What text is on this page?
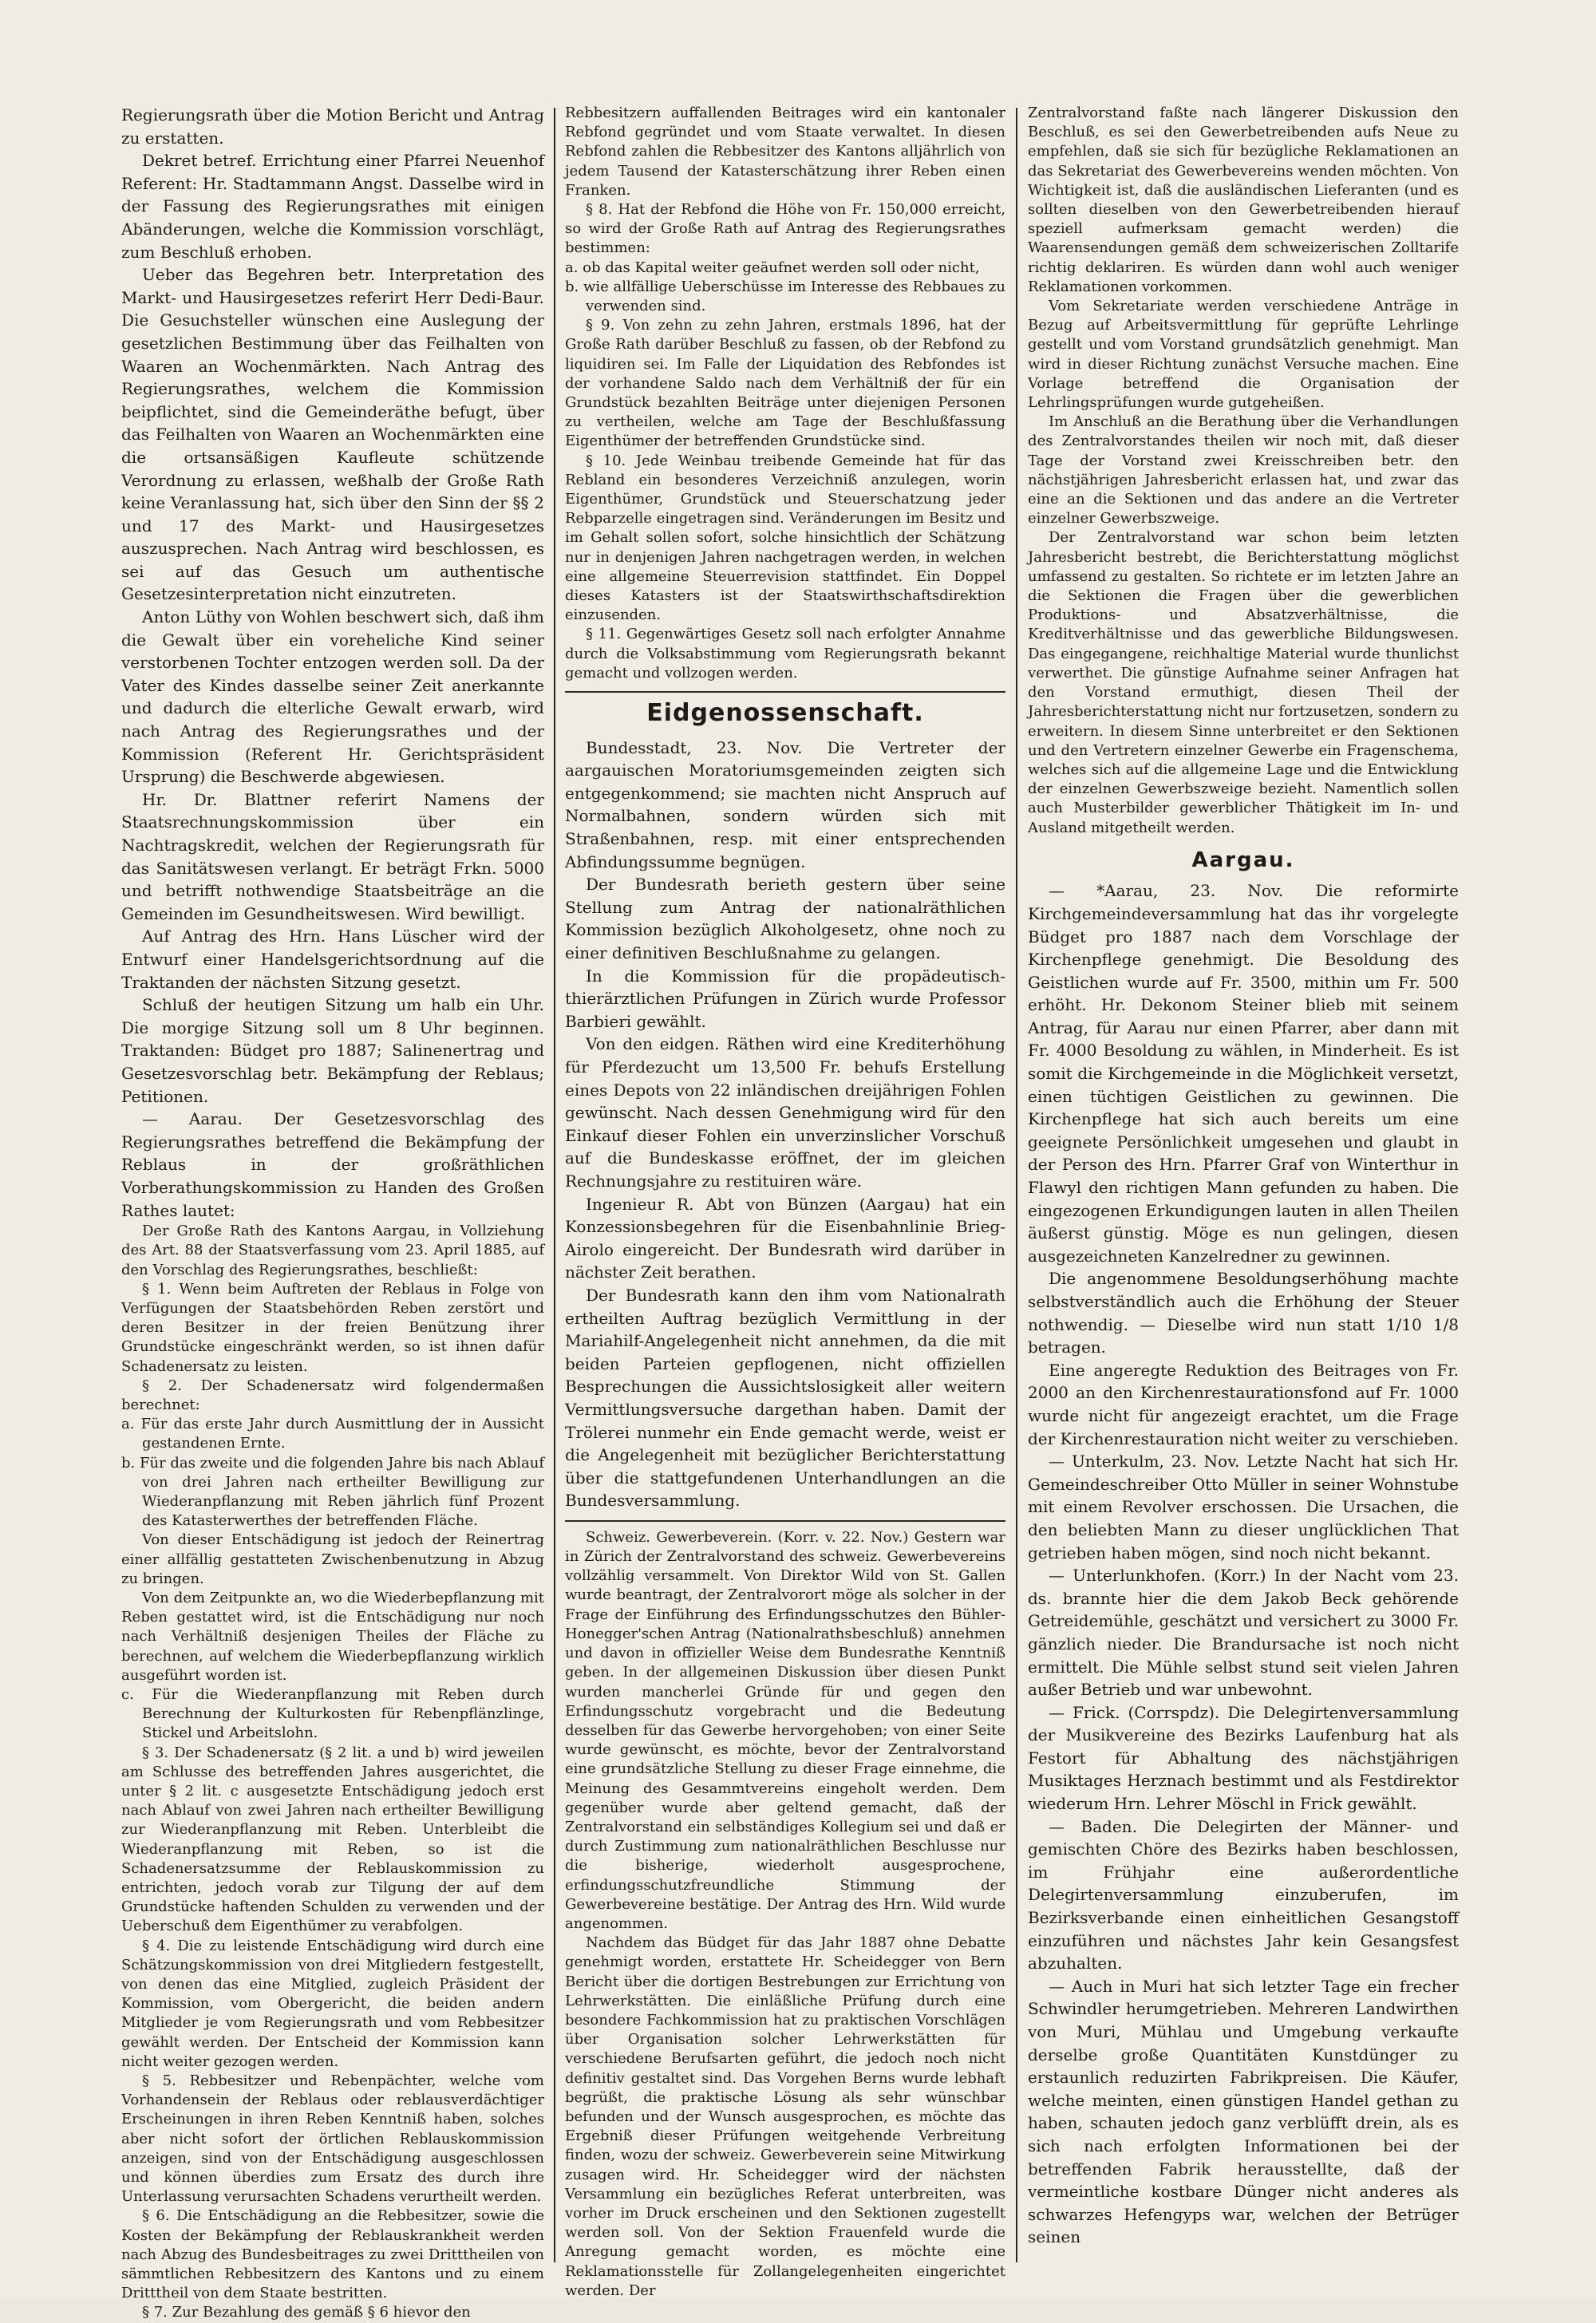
Regierungsrath über die Motion Bericht und Antrag zu erstatten.

Dekret betref. Errichtung einer Pfarrei Neuenhof Referent: Hr. Stadtammann Angst. Dasselbe wird in der Fassung des Regierungsrathes mit einigen Abänderungen, welche die Kommission vorschlägt, zum Beschluß erhoben.

Ueber das Begehren betr. Interpretation des Markt- und Hausirgesetzes referirt Herr Dedi-Baur. Die Gesuchsteller wünschen eine Auslegung der gesetzlichen Bestimmung über das Feilhalten von Waaren an Wochenmärkten. Nach Antrag des Regierungsrathes, welchem die Kommission beipflichtet, sind die Gemeinderäthe befugt, über das Feilhalten von Waaren an Wochenmärkten eine die ortsansäßigen Kaufleute schützende Verordnung zu erlassen, weßhalb der Große Rath keine Veranlassung hat, sich über den Sinn der §§ 2 und 17 des Markt- und Hausirgesetzes auszusprechen. Nach Antrag wird beschlossen, es sei auf das Gesuch um authentische Gesetzesinterpretation nicht einzutreten.

Anton Lüthy von Wohlen beschwert sich, daß ihm die Gewalt über ein voreheliche Kind seiner verstorbenen Tochter entzogen werden soll. Da der Vater des Kindes dasselbe seiner Zeit anerkannte und dadurch die elterliche Gewalt erwarb, wird nach Antrag des Regierungsrathes und der Kommission (Referent Hr. Gerichtspräsident Ursprung) die Beschwerde abgewiesen.

Hr. Dr. Blattner referirt Namens der Staatsrechnungskommission über ein Nachtragskredit, welchen der Regierungsrath für das Sanitätswesen verlangt. Er beträgt Frkn. 5000 und betrifft nothwendige Staatsbeiträge an die Gemeinden im Gesundheitswesen. Wird bewilligt.

Auf Antrag des Hrn. Hans Lüscher wird der Entwurf einer Handelsgerichtsordnung auf die Traktanden der nächsten Sitzung gesetzt.

Schluß der heutigen Sitzung um halb ein Uhr. Die morgige Sitzung soll um 8 Uhr beginnen. Traktanden: Büdget pro 1887; Salinenertrag und Gesetzesvorschlag betr. Bekämpfung der Reblaus; Petitionen.

— Aarau. Der Gesetzesvorschlag des Regierungsrathes betreffend die Bekämpfung der Reblaus in der großräthlichen Vorberathungskommission zu Handen des Großen Rathes lautet:

Der Große Rath des Kantons Aargau, in Vollziehung des Art. 88 der Staatsverfassung vom 23. April 1885, auf den Vorschlag des Regierungsrathes, beschließt:

§ 1. Wenn beim Auftreten der Reblaus in Folge von Verfügungen der Staatsbehörden Reben zerstört und deren Besitzer in der freien Benützung ihrer Grundstücke eingeschränkt werden, so ist ihnen dafür Schadenersatz zu leisten.

§ 2. Der Schadenersatz wird folgendermaßen berechnet:

a. Für das erste Jahr durch Ausmittlung der in Aussicht gestandenen Ernte.

b. Für das zweite und die folgenden Jahre bis nach Ablauf von drei Jahren nach ertheilter Bewilligung zur Wiederanpflanzung mit Reben jährlich fünf Prozent des Katasterwerthes der betreffenden Fläche.

Von dieser Entschädigung ist jedoch der Reinertrag einer allfällig gestatteten Zwischenbenutzung in Abzug zu bringen.

Von dem Zeitpunkte an, wo die Wiederbepflanzung mit Reben gestattet wird, ist die Entschädigung nur noch nach Verhältniß desjenigen Theiles der Fläche zu berechnen, auf welchem die Wiederbepflanzung wirklich ausgeführt worden ist.

c. Für die Wiederanpflanzung mit Reben durch Berechnung der Kulturkosten für Rebenpflänzlinge, Stickel und Arbeitslohn.

§ 3. Der Schadenersatz (§ 2 lit. a und b) wird jeweilen am Schlusse des betreffenden Jahres ausgerichtet, die unter § 2 lit. c ausgesetzte Entschädigung jedoch erst nach Ablauf von zwei Jahren nach ertheilter Bewilligung zur Wiederanpflanzung mit Reben. Unterbleibt die Wiederanpflanzung mit Reben, so ist die Schadenersatzsumme der Reblauskommission zu entrichten, jedoch vorab zur Tilgung der auf dem Grundstücke haftenden Schulden zu verwenden und der Ueberschuß dem Eigenthümer zu verabfolgen.

§ 4. Die zu leistende Entschädigung wird durch eine Schätzungskommission von drei Mitgliedern festgestellt, von denen das eine Mitglied, zugleich Präsident der Kommission, vom Obergericht, die beiden andern Mitglieder je vom Regierungsrath und vom Rebbesitzer gewählt werden. Der Entscheid der Kommission kann nicht weiter gezogen werden.

§ 5. Rebbesitzer und Rebenpächter, welche vom Vorhandensein der Reblaus oder reblausverdächtiger Erscheinungen in ihren Reben Kenntniß haben, solches aber nicht sofort der örtlichen Reblauskommission anzeigen, sind von der Entschädigung ausgeschlossen und können überdies zum Ersatz des durch ihre Unterlassung verursachten Schadens verurtheilt werden.

§ 6. Die Entschädigung an die Rebbesitzer, sowie die Kosten der Bekämpfung der Reblauskrankheit werden nach Abzug des Bundesbeitrages zu zwei Dritttheilen von sämmtlichen Rebbesitzern des Kantons und zu einem Dritttheil von dem Staate bestritten.

§ 7. Zur Bezahlung des gemäß § 6 hievor den

Rebbesitzern auffallenden Beitrages wird ein kantonaler Rebfond gegründet und vom Staate verwaltet. In diesen Rebfond zahlen die Rebbesitzer des Kantons alljährlich von jedem Tausend der Katasterschätzung ihrer Reben einen Franken.

§ 8. Hat der Rebfond die Höhe von Fr. 150,000 erreicht, so wird der Große Rath auf Antrag des Regierungsrathes bestimmen:

a. ob das Kapital weiter geäufnet werden soll oder nicht,

b. wie allfällige Ueberschüsse im Interesse des Rebbaues zu verwenden sind.

§ 9. Von zehn zu zehn Jahren, erstmals 1896, hat der Große Rath darüber Beschluß zu fassen, ob der Rebfond zu liquidiren sei. Im Falle der Liquidation des Rebfondes ist der vorhandene Saldo nach dem Verhältniß der für ein Grundstück bezahlten Beiträge unter diejenigen Personen zu vertheilen, welche am Tage der Beschlußfassung Eigenthümer der betreffenden Grundstücke sind.

§ 10. Jede Weinbau treibende Gemeinde hat für das Rebland ein besonderes Verzeichniß anzulegen, worin Eigenthümer, Grundstück und Steuerschatzung jeder Rebparzelle eingetragen sind. Veränderungen im Besitz und im Gehalt sollen sofort, solche hinsichtlich der Schätzung nur in denjenigen Jahren nachgetragen werden, in welchen eine allgemeine Steuerrevision stattfindet. Ein Doppel dieses Katasters ist der Staatswirthschaftsdirektion einzusenden.

§ 11. Gegenwärtiges Gesetz soll nach erfolgter Annahme durch die Volksabstimmung vom Regierungsrath bekannt gemacht und vollzogen werden.

Eidgenossenschaft.

Bundesstadt, 23. Nov. Die Vertreter der aargauischen Moratoriumsgemeinden zeigten sich entgegenkommend; sie machten nicht Anspruch auf Normalbahnen, sondern würden sich mit Straßenbahnen, resp. mit einer entsprechenden Abfindungssumme begnügen.

Der Bundesrath berieth gestern über seine Stellung zum Antrag der nationalräthlichen Kommission bezüglich Alkoholgesetz, ohne noch zu einer definitiven Beschlußnahme zu gelangen.

In die Kommission für die propädeutisch-thierärztlichen Prüfungen in Zürich wurde Professor Barbieri gewählt.

Von den eidgen. Räthen wird eine Krediterhöhung für Pferdezucht um 13,500 Fr. behufs Erstellung eines Depots von 22 inländischen dreijährigen Fohlen gewünscht. Nach dessen Genehmigung wird für den Einkauf dieser Fohlen ein unverzinslicher Vorschuß auf die Bundeskasse eröffnet, der im gleichen Rechnungsjahre zu restituiren wäre.

Ingenieur R. Abt von Bünzen (Aargau) hat ein Konzessionsbegehren für die Eisenbahnlinie Brieg-Airolo eingereicht. Der Bundesrath wird darüber in nächster Zeit berathen.

Der Bundesrath kann den ihm vom Nationalrath ertheilten Auftrag bezüglich Vermittlung in der Mariahilf-Angelegenheit nicht annehmen, da die mit beiden Parteien gepflogenen, nicht offiziellen Besprechungen die Aussichtslosigkeit aller weitern Vermittlungsversuche dargethan haben. Damit der Trölerei nunmehr ein Ende gemacht werde, weist er die Angelegenheit mit bezüglicher Berichterstattung über die stattgefundenen Unterhandlungen an die Bundesversammlung.

Schweiz. Gewerbeverein. (Korr. v. 22. Nov.) Gestern war in Zürich der Zentralvorstand des schweiz. Gewerbevereins vollzählig versammelt. Von Direktor Wild von St. Gallen wurde beantragt, der Zentralvorort möge als solcher in der Frage der Einführung des Erfindungsschutzes den Bühler-Honegger'schen Antrag (Nationalrathsbeschluß) annehmen und davon in offizieller Weise dem Bundesrathe Kenntniß geben. In der allgemeinen Diskussion über diesen Punkt wurden mancherlei Gründe für und gegen den Erfindungsschutz vorgebracht und die Bedeutung desselben für das Gewerbe hervorgehoben; von einer Seite wurde gewünscht, es möchte, bevor der Zentralvorstand eine grundsätzliche Stellung zu dieser Frage einnehme, die Meinung des Gesammtvereins eingeholt werden. Dem gegenüber wurde aber geltend gemacht, daß der Zentralvorstand ein selbständiges Kollegium sei und daß er durch Zustimmung zum nationalräthlichen Beschlusse nur die bisherige, wiederholt ausgesprochene, erfindungsschutzfreundliche Stimmung der Gewerbevereine bestätige. Der Antrag des Hrn. Wild wurde angenommen.

Nachdem das Büdget für das Jahr 1887 ohne Debatte genehmigt worden, erstattete Hr. Scheidegger von Bern Bericht über die dortigen Bestrebungen zur Errichtung von Lehrwerkstätten. Die einläßliche Prüfung durch eine besondere Fachkommission hat zu praktischen Vorschlägen über Organisation solcher Lehrwerkstätten für verschiedene Berufsarten geführt, die jedoch noch nicht definitiv gestaltet sind. Das Vorgehen Berns wurde lebhaft begrüßt, die praktische Lösung als sehr wünschbar befunden und der Wunsch ausgesprochen, es möchte das Ergebniß dieser Prüfungen weitgehende Verbreitung finden, wozu der schweiz. Gewerbeverein seine Mitwirkung zusagen wird. Hr. Scheidegger wird der nächsten Versammlung ein bezügliches Referat unterbreiten, was vorher im Druck erscheinen und den Sektionen zugestellt werden soll. Von der Sektion Frauenfeld wurde die Anregung gemacht worden, es möchte eine Reklamationsstelle für Zollangelegenheiten eingerichtet werden. Der

Zentralvorstand faßte nach längerer Diskussion den Beschluß, es sei den Gewerbetreibenden aufs Neue zu empfehlen, daß sie sich für bezügliche Reklamationen an das Sekretariat des Gewerbevereins wenden möchten. Von Wichtigkeit ist, daß die ausländischen Lieferanten (und es sollten dieselben von den Gewerbetreibenden hierauf speziell aufmerksam gemacht werden) die Waarensendungen gemäß dem schweizerischen Zolltarife richtig deklariren. Es würden dann wohl auch weniger Reklamationen vorkommen.

Vom Sekretariate werden verschiedene Anträge in Bezug auf Arbeitsvermittlung für geprüfte Lehrlinge gestellt und vom Vorstand grundsätzlich genehmigt. Man wird in dieser Richtung zunächst Versuche machen. Eine Vorlage betreffend die Organisation der Lehrlingsprüfungen wurde gutgeheißen.

Im Anschluß an die Berathung über die Verhandlungen des Zentralvorstandes theilen wir noch mit, daß dieser Tage der Vorstand zwei Kreisschreiben betr. den nächstjährigen Jahresbericht erlassen hat, und zwar das eine an die Sektionen und das andere an die Vertreter einzelner Gewerbszweige.

Der Zentralvorstand war schon beim letzten Jahresbericht bestrebt, die Berichterstattung möglichst umfassend zu gestalten. So richtete er im letzten Jahre an die Sektionen die Fragen über die gewerblichen Produktions- und Absatzverhältnisse, die Kreditverhältnisse und das gewerbliche Bildungswesen. Das eingegangene, reichhaltige Material wurde thunlichst verwerthet. Die günstige Aufnahme seiner Anfragen hat den Vorstand ermuthigt, diesen Theil der Jahresberichterstattung nicht nur fortzusetzen, sondern zu erweitern. In diesem Sinne unterbreitet er den Sektionen und den Vertretern einzelner Gewerbe ein Fragenschema, welches sich auf die allgemeine Lage und die Entwicklung der einzelnen Gewerbszweige bezieht. Namentlich sollen auch Musterbilder gewerblicher Thätigkeit im In- und Ausland mitgetheilt werden.

Aargau.

— *Aarau, 23. Nov. Die reformirte Kirchgemeindeversammlung hat das ihr vorgelegte Büdget pro 1887 nach dem Vorschlage der Kirchenpflege genehmigt. Die Besoldung des Geistlichen wurde auf Fr. 3500, mithin um Fr. 500 erhöht. Hr. Dekonom Steiner blieb mit seinem Antrag, für Aarau nur einen Pfarrer, aber dann mit Fr. 4000 Besoldung zu wählen, in Minderheit. Es ist somit die Kirchgemeinde in die Möglichkeit versetzt, einen tüchtigen Geistlichen zu gewinnen. Die Kirchenpflege hat sich auch bereits um eine geeignete Persönlichkeit umgesehen und glaubt in der Person des Hrn. Pfarrer Graf von Winterthur in Flawyl den richtigen Mann gefunden zu haben. Die eingezogenen Erkundigungen lauten in allen Theilen äußerst günstig. Möge es nun gelingen, diesen ausgezeichneten Kanzelredner zu gewinnen.

Die angenommene Besoldungserhöhung machte selbstverständlich auch die Erhöhung der Steuer nothwendig. — Dieselbe wird nun statt 1/10 1/8 betragen.

Eine angeregte Reduktion des Beitrages von Fr. 2000 an den Kirchenrestaurationsfond auf Fr. 1000 wurde nicht für angezeigt erachtet, um die Frage der Kirchenrestauration nicht weiter zu verschieben.

— Unterkulm, 23. Nov. Letzte Nacht hat sich Hr. Gemeindeschreiber Otto Müller in seiner Wohnstube mit einem Revolver erschossen. Die Ursachen, die den beliebten Mann zu dieser unglücklichen That getrieben haben mögen, sind noch nicht bekannt.

— Unterlunkhofen. (Korr.) In der Nacht vom 23. ds. brannte hier die dem Jakob Beck gehörende Getreidemühle, geschätzt und versichert zu 3000 Fr. gänzlich nieder. Die Brandursache ist noch nicht ermittelt. Die Mühle selbst stund seit vielen Jahren außer Betrieb und war unbewohnt.

— Frick. (Corrspdz). Die Delegirtenversammlung der Musikvereine des Bezirks Laufenburg hat als Festort für Abhaltung des nächstjährigen Musiktages Herznach bestimmt und als Festdirektor wiederum Hrn. Lehrer Möschl in Frick gewählt.

— Baden. Die Delegirten der Männer- und gemischten Chöre des Bezirks haben beschlossen, im Frühjahr eine außerordentliche Delegirtenversammlung einzuberufen, im Bezirksverbande einen einheitlichen Gesangstoff einzuführen und nächstes Jahr kein Gesangsfest abzuhalten.

— Auch in Muri hat sich letzter Tage ein frecher Schwindler herumgetrieben. Mehreren Landwirthen von Muri, Mühlau und Umgebung verkaufte derselbe große Quantitäten Kunstdünger zu erstaunlich reduzirten Fabrikpreisen. Die Käufer, welche meinten, einen günstigen Handel gethan zu haben, schauten jedoch ganz verblüfft drein, als es sich nach erfolgten Informationen bei der betreffenden Fabrik herausstellte, daß der vermeintliche kostbare Dünger nicht anderes als schwarzes Hefengyps war, welchen der Betrüger seinen
